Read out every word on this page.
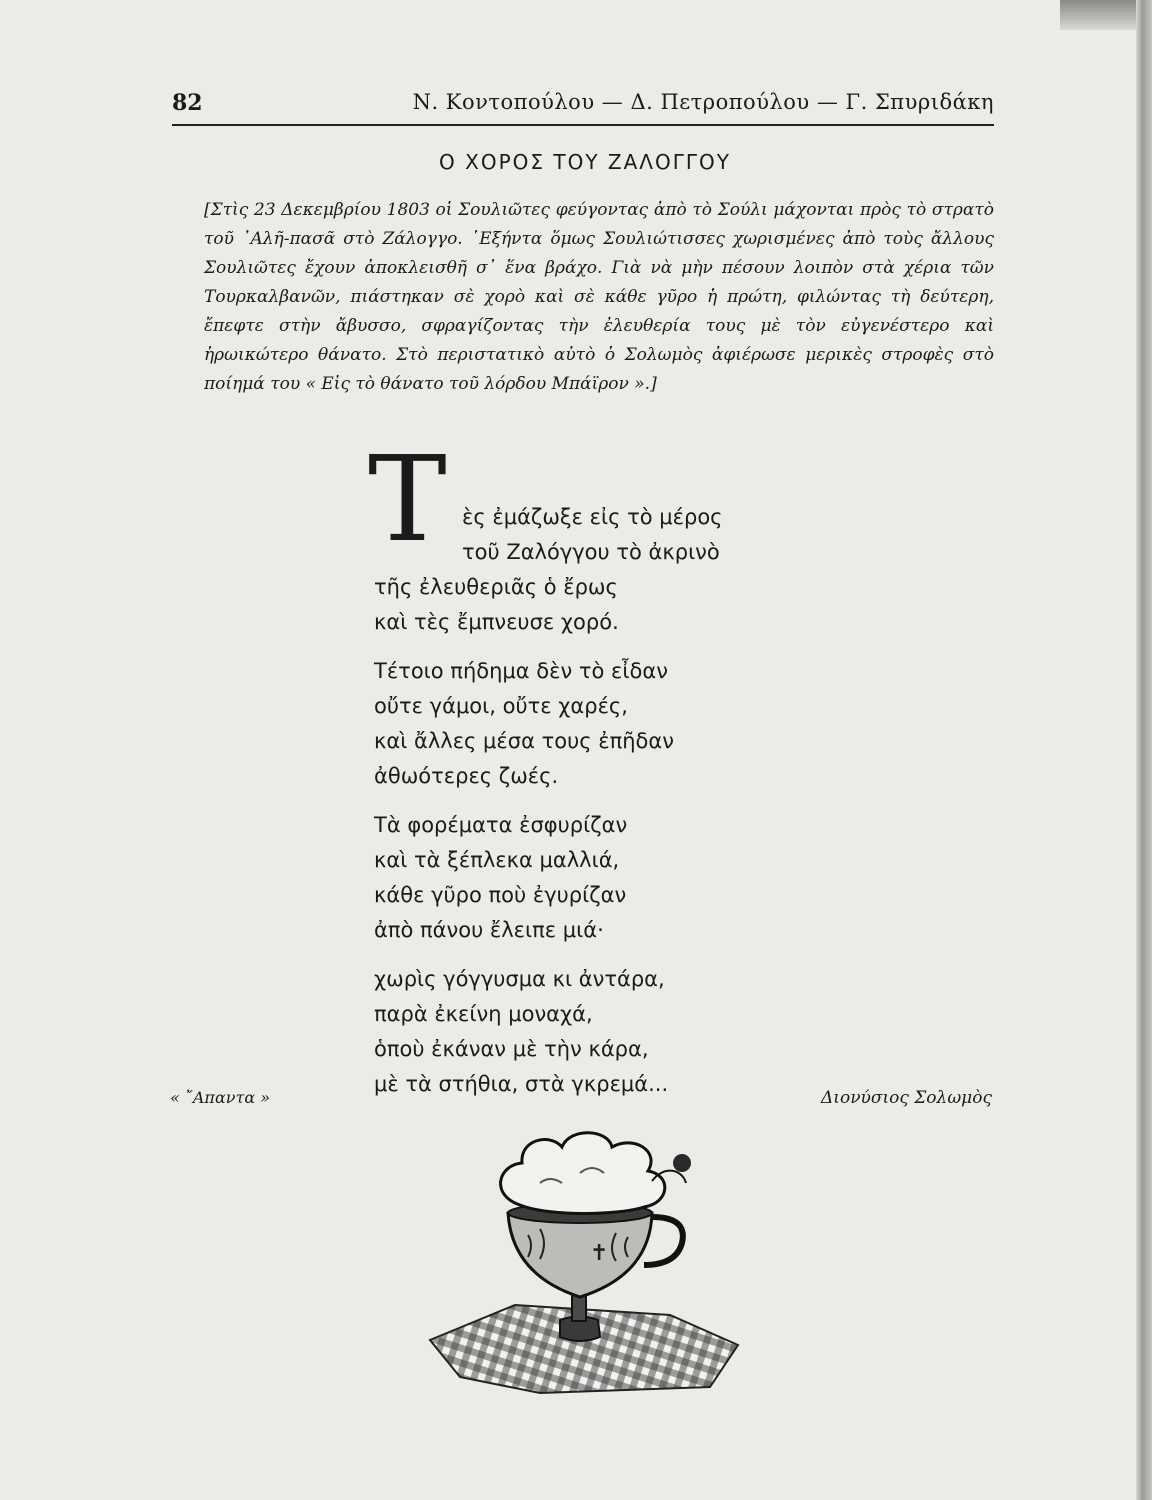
82	Ν. Κοντοπούλου — Δ. Πετροπούλου — Γ. Σπυριδάκη
Ο ΧΟΡΟΣ ΤΟΥ ΖΑΛΟΓΓΟΥ
[Στὶς 23 Δεκεμβρίου 1803 οἱ Σουλιῶτες φεύγοντας ἀπὸ τὸ Σούλι μάχονται πρὸς τὸ στρατὸ τοῦ ᾿Αλῆ-πασᾶ στὸ Ζάλογγο. ῾Εξήντα ὅμως Σουλιώτισσες χωρισμένες ἀπὸ τοὺς ἄλλους Σουλιῶτες ἔχουν ἀποκλεισθῆ σ᾿ ἕνα βράχο. Γιὰ νὰ μὴν πέσουν λοιπὸν στὰ χέρια τῶν Τουρκαλβανῶν, πιάστηκαν σὲ χορὸ καὶ σὲ κάθε γῦρο ἡ πρώτη, φιλώντας τὴ δεύτερη, ἔπεφτε στὴν ἄβυσσο, σφραγίζοντας τὴν ἐλευθερία τους μὲ τὸν εὐγενέστερο καὶ ἡρωικώτερο θάνατο. Στὸ περιστατικὸ αὐτὸ ὁ Σολωμὸς ἀφιέρωσε μερικὲς στροφὲς στὸ ποίημά του « Εἰς τὸ θάνατο τοῦ λόρδου Μπάϊρον ».]
Τ ὲς ἐμάζωξε εἰς τὸ μέρος
τοῦ Ζαλόγγου τὸ ἀκρινὸ
τῆς ἐλευθεριᾶς ὁ ἔρως
καὶ τὲς ἔμπνευσε χορό.
Τέτοιο πήδημα δὲν τὸ εἶδαν
οὔτε γάμοι, οὔτε χαρές,
καὶ ἄλλες μέσα τους ἐπῆδαν
ἀθωότερες ζωές.
Τὰ φορέματα ἐσφυρίζαν
καὶ τὰ ξέπλεκα μαλλιά,
κάθε γῦρο ποὺ ἐγυρίζαν
ἀπὸ πάνου ἔλειπε μιά·
χωρὶς γόγγυσμα κι ἀντάρα,
παρὰ ἐκείνη μοναχά,
ὁποὺ ἐκάναν μὲ τὴν κάρα,
μὲ τὰ στήθια, στὰ γκρεμά...
« ῎Απαντα »	Διονύσιος Σολωμὸς
✝
